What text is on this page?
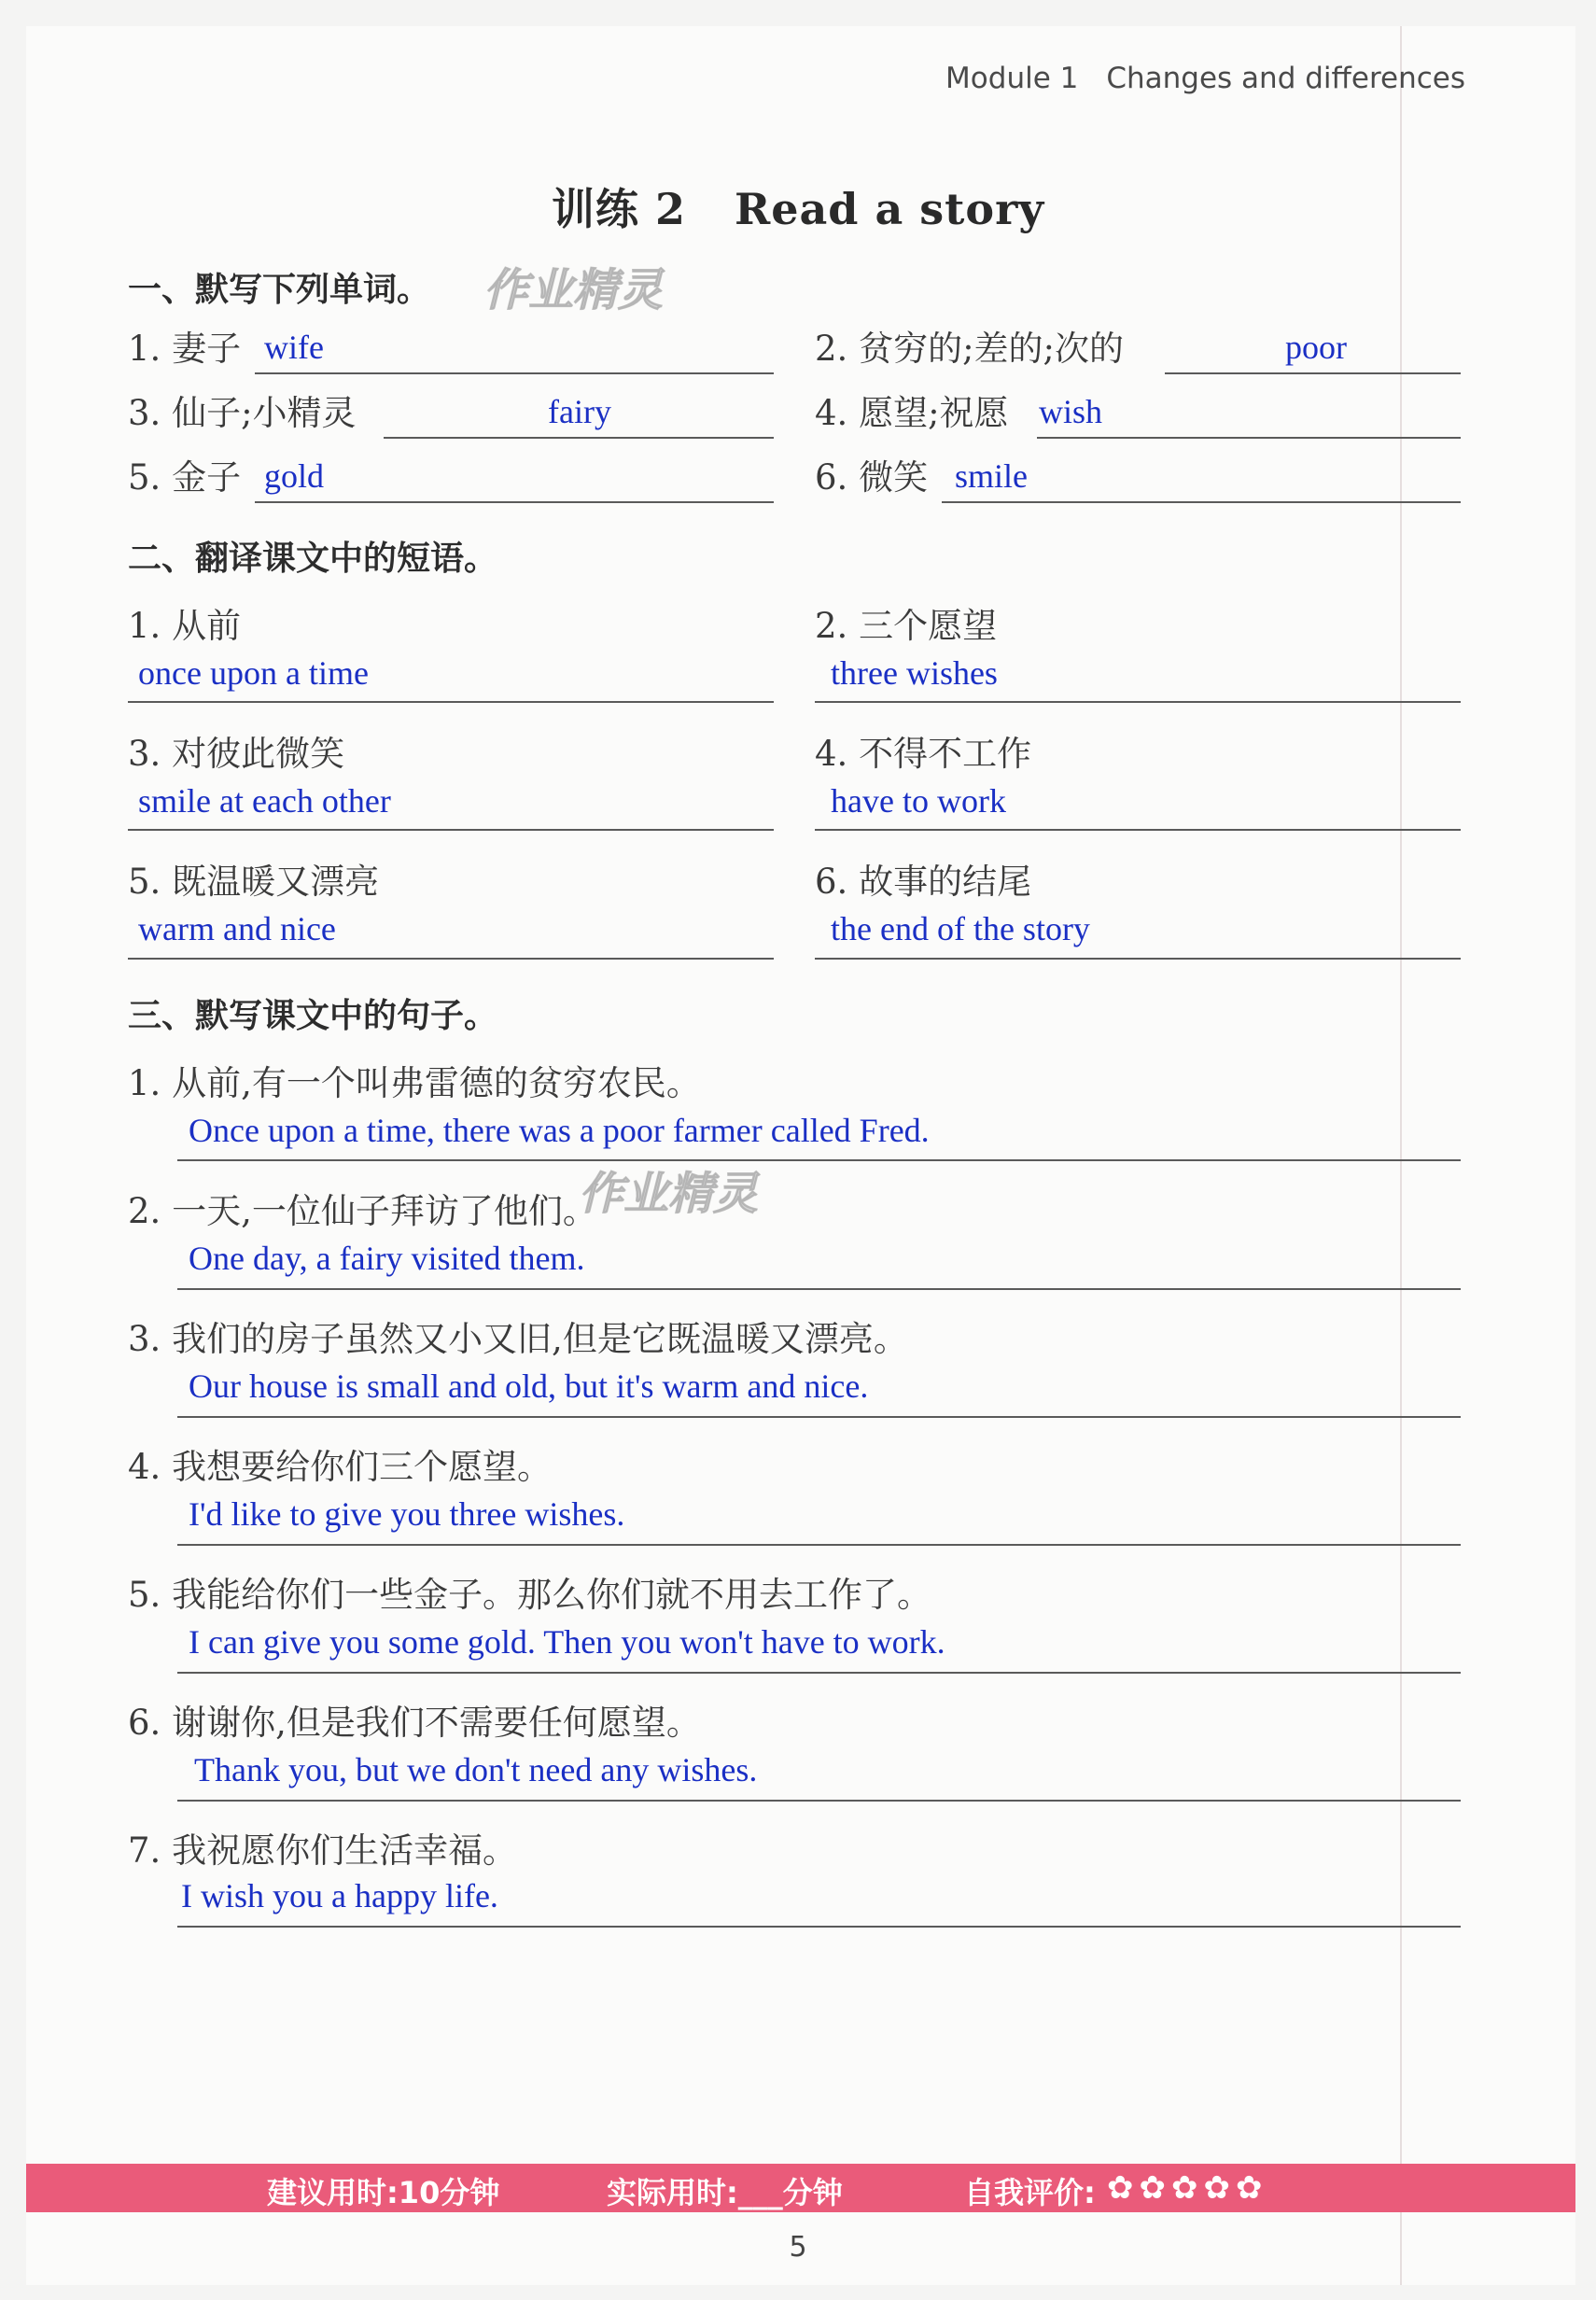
Module 1 Changes and differences
训练 2 Read a story
作业精灵
作业精灵
一、默写下列单词。
1. 妻子 wife	2. 贫穷的;差的;次的	poor
3. 仙子;小精灵	fairy	4. 愿望;祝愿 wish
5. 金子 gold	6. 微笑 smile
二、翻译课文中的短语。
1. 从前
once upon a time
2. 三个愿望
three wishes
3. 对彼此微笑
smile at each other
4. 不得不工作
have to work
5. 既温暖又漂亮
warm and nice
6. 故事的结尾
the end of the story
三、默写课文中的句子。
1. 从前,有一个叫弗雷德的贫穷农民。
Once upon a time, there was a poor farmer called Fred.
2. 一天,一位仙子拜访了他们。
One day, a fairy visited them.
3. 我们的房子虽然又小又旧,但是它既温暖又漂亮。
Our house is small and old, but it's warm and nice.
4. 我想要给你们三个愿望。
I'd like to give you three wishes.
5. 我能给你们一些金子。那么你们就不用去工作了。
I can give you some gold. Then you won't have to work.
6. 谢谢你,但是我们不需要任何愿望。
Thank you, but we don't need any wishes.
7. 我祝愿你们生活幸福。
I wish you a happy life.
建议用时:10分钟	实际用时:___分钟	自我评价: ✿✿✿✿✿
5
